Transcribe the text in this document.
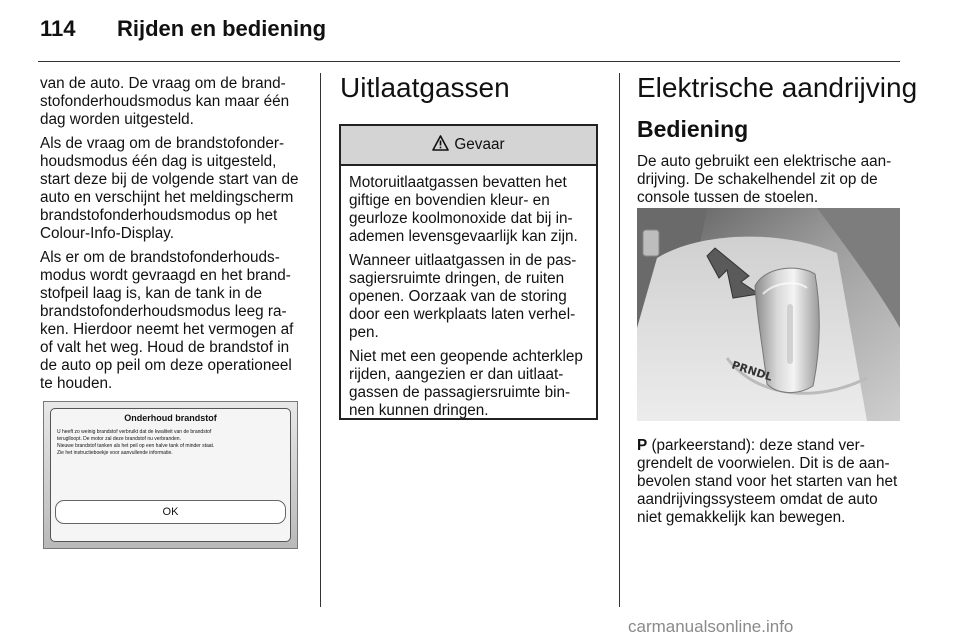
114 Rijden en bediening

van de auto. De vraag om de brandstofonderhoudsmodus kan maar één dag worden uitgesteld.

Als de vraag om de brandstofonderhoudsmodus één dag is uitgesteld, start deze bij de volgende start van de auto en verschijnt het meldingscherm brandstofonderhoudsmodus op het Colour-Info-Display.

Als er om de brandstofonderhoudsmodus wordt gevraagd en het brandstofpeil laag is, kan de tank in de brandstofonderhoudsmodus leeg raken. Hierdoor neemt het vermogen af of valt het weg. Houd de brandstof in de auto op peil om deze operationeel te houden.

Onderhoud brandstof
U heeft zo weinig brandstof verbruikt dat de kwaliteit van de brandstof
teruglloopt. De motor zal deze brandstof nu verbranden.
Nieuwe brandstof tanken als het peil op een halve tank of minder staat.
Zie het instructieboekje voor aanvullende informatie.
OK
Uitlaatgassen
Gevaar

Motoruitlaatgassen bevatten het giftige en bovendien kleur- en geurloze koolmonoxide dat bij inademen levensgevaarlijk kan zijn.

Wanneer uitlaatgassen in de passagiersruimte dringen, de ruiten openen. Oorzaak van de storing door een werkplaats laten verhelpen.

Niet met een geopende achterklep rijden, aangezien er dan uitlaatgassen de passagiersruimte binnen kunnen dringen.

Elektrische aandrijving
Bediening
De auto gebruikt een elektrische aandrijving. De schakelhendel zit op de console tussen de stoelen.
PRNDL
P (parkeerstand): deze stand vergrendelt de voorwielen. Dit is de aanbevolen stand voor het starten van het aandrijvingssysteem omdat de auto niet gemakkelijk kan bewegen.
carmanualsonline.info
